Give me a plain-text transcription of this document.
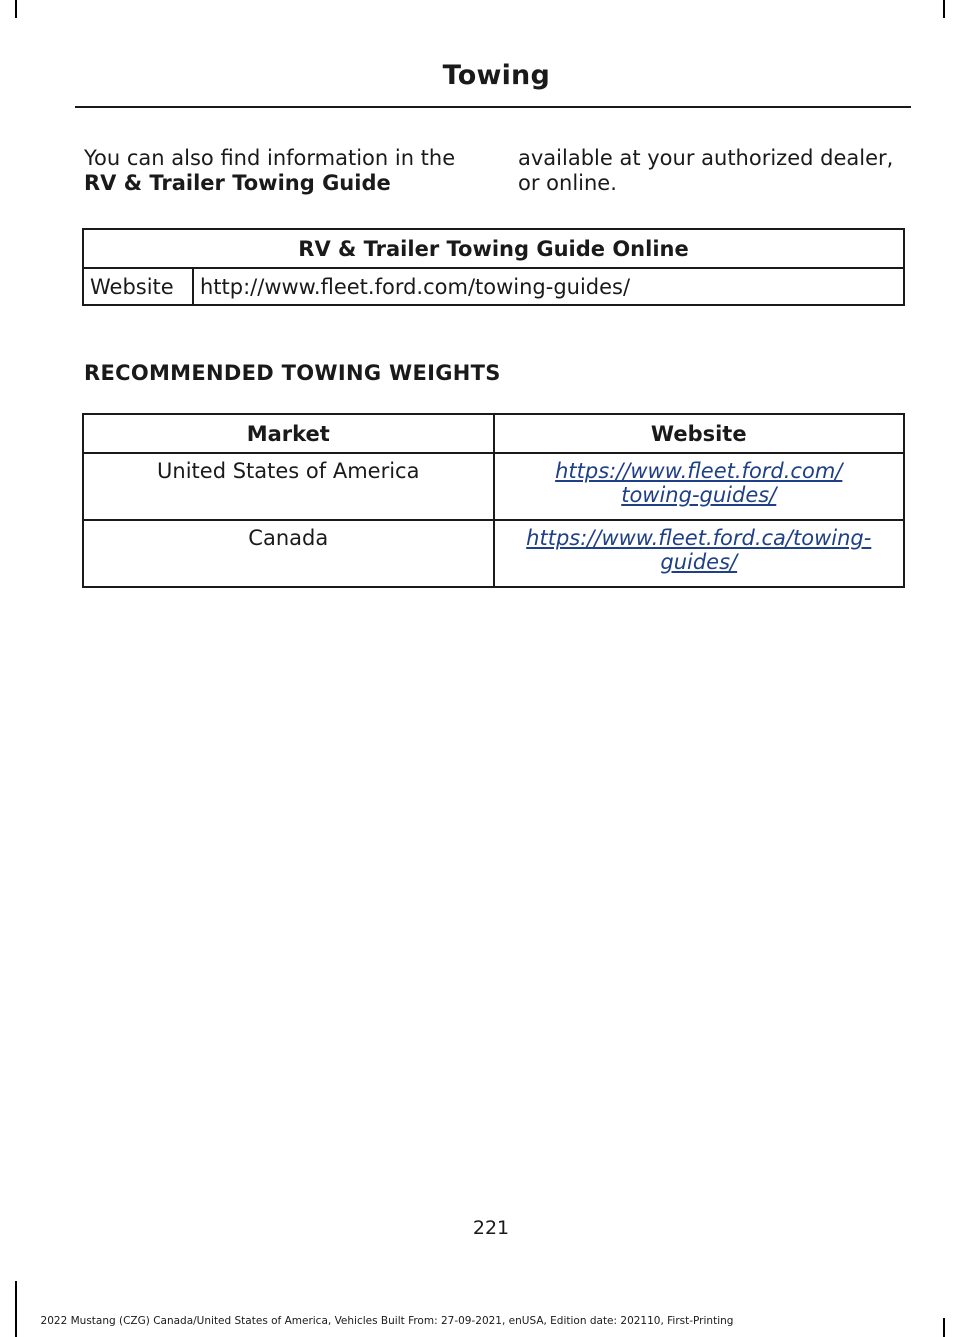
Towing
You can also find information in the RV & Trailer Towing Guide available at your authorized dealer, or online.
RV & Trailer Towing Guide Online
Website	http://www.fleet.ford.com/towing-guides/
RECOMMENDED TOWING WEIGHTS
Market	Website
United States of America	https://www.fleet.ford.com/
towing-guides/
Canada	https://www.fleet.ford.ca/towing-
guides/
221
2022 Mustang (CZG) Canada/United States of America, Vehicles Built From: 27-09-2021, enUSA, Edition date: 202110, First-Printing
